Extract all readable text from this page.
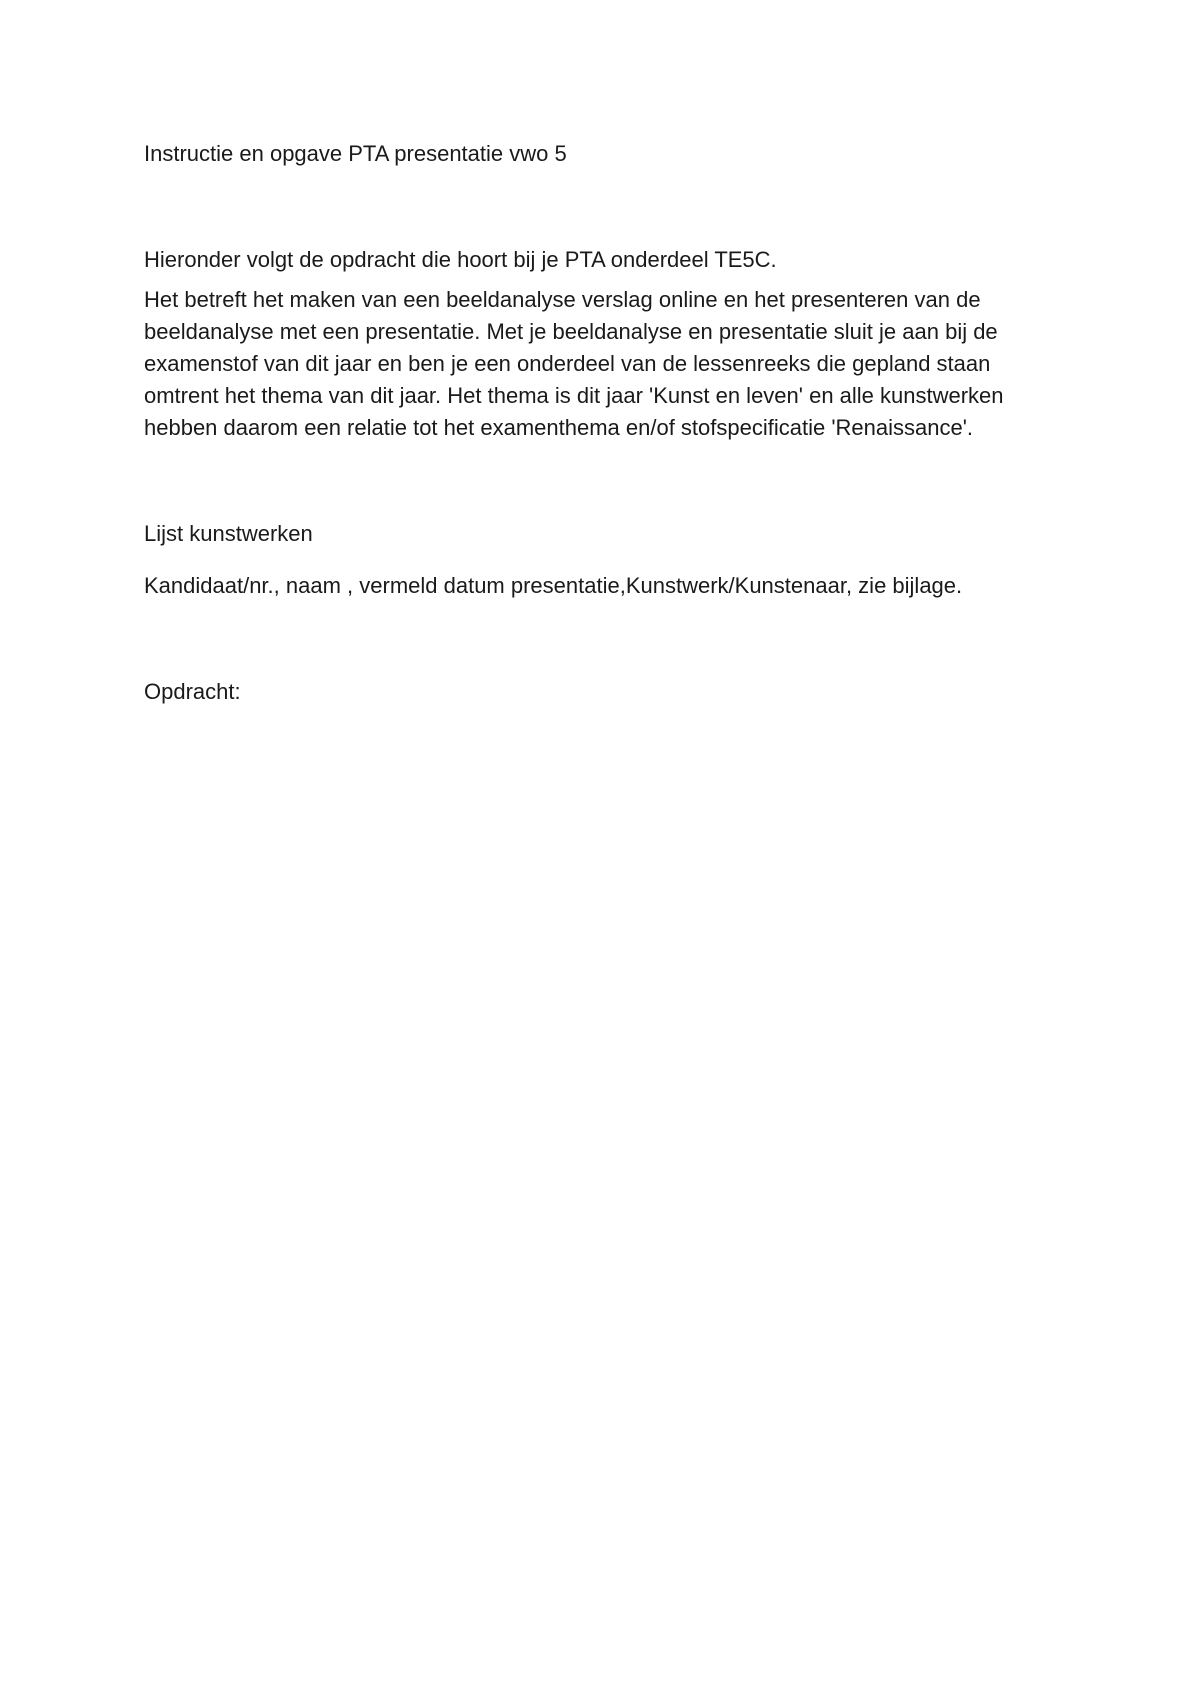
Instructie en opgave PTA presentatie vwo 5

Hieronder volgt de opdracht die hoort bij je PTA onderdeel TE5C.

Het betreft het maken van een beeldanalyse verslag online en het presenteren van de beeldanalyse met een presentatie. Met je beeldanalyse en presentatie sluit je aan bij de examenstof van dit jaar en ben je een onderdeel van de lessenreeks die gepland staan omtrent het thema van dit jaar. Het thema is dit jaar 'Kunst en leven' en alle kunstwerken hebben daarom een relatie tot het examenthema en/of stofspecificatie 'Renaissance'.

Lijst kunstwerken

Kandidaat/nr., naam , vermeld datum presentatie,Kunstwerk/Kunstenaar, zie bijlage.

Opdracht:
